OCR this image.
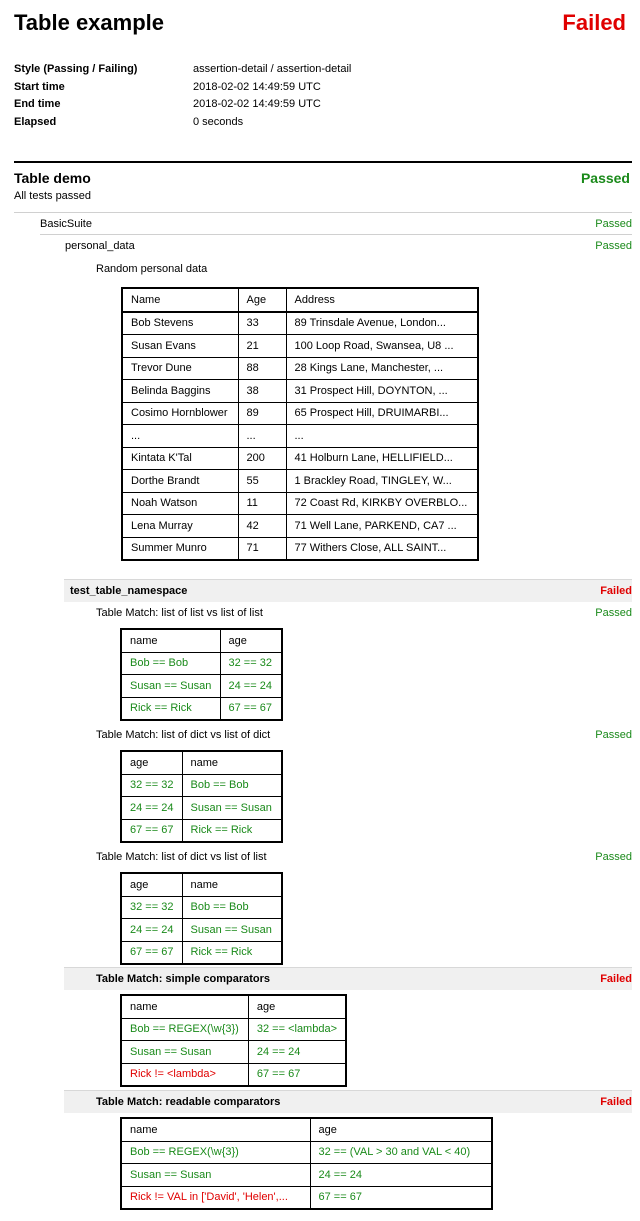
Table example	Failed
Style (Passing / Failing)	assertion-detail / assertion-detail
Start time	2018-02-02 14:49:59 UTC
End time	2018-02-02 14:49:59 UTC
Elapsed	0 seconds
Table demo	Passed
All tests passed
BasicSuite	Passed
personal_data	Passed
Random personal data
Name	Age	Address
Bob Stevens	33	89 Trinsdale Avenue, London...
Susan Evans	21	100 Loop Road, Swansea, U8 ...
Trevor Dune	88	28 Kings Lane, Manchester, ...
Belinda Baggins	38	31 Prospect Hill, DOYNTON, ...
Cosimo Hornblower	89	65 Prospect Hill, DRUIMARBI...
...	...	...
Kintata K'Tal	200	41 Holburn Lane, HELLIFIELD...
Dorthe Brandt	55	1 Brackley Road, TINGLEY, W...
Noah Watson	11	72 Coast Rd, KIRKBY OVERBLO...
Lena Murray	42	71 Well Lane, PARKEND, CA7 ...
Summer Munro	71	77 Withers Close, ALL SAINT...
test_table_namespace	Failed
Table Match: list of list vs list of list	Passed
name	age
Bob == Bob	32 == 32
Susan == Susan	24 == 24
Rick == Rick	67 == 67
Table Match: list of dict vs list of dict	Passed
age	name
32 == 32	Bob == Bob
24 == 24	Susan == Susan
67 == 67	Rick == Rick
Table Match: list of dict vs list of list	Passed
age	name
32 == 32	Bob == Bob
24 == 24	Susan == Susan
67 == 67	Rick == Rick
Table Match: simple comparators	Failed
name	age
Bob == REGEX(\w{3})	32 == <lambda>
Susan == Susan	24 == 24
Rick != <lambda>	67 == 67
Table Match: readable comparators	Failed
name	age
Bob == REGEX(\w{3})	32 == (VAL > 30 and VAL < 40)
Susan == Susan	24 == 24
Rick != VAL in ['David', 'Helen',...	67 == 67
